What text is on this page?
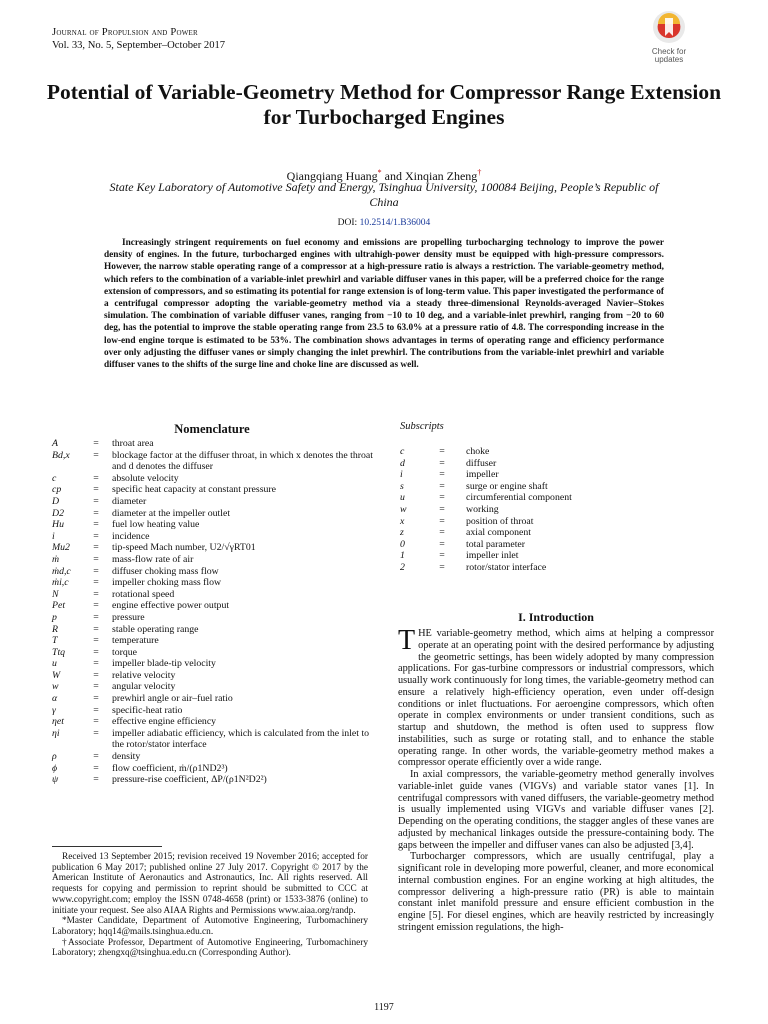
Journal of Propulsion and Power
Vol. 33, No. 5, September–October 2017
Check for
updates
Potential of Variable-Geometry Method for Compressor Range Extension for Turbocharged Engines
Qiangqiang Huang* and Xinqian Zheng†
State Key Laboratory of Automotive Safety and Energy, Tsinghua University, 100084 Beijing, People’s Republic of China
DOI: 10.2514/1.B36004
Increasingly stringent requirements on fuel economy and emissions are propelling turbocharging technology to improve the power density of engines. In the future, turbocharged engines with ultrahigh-power density must be equipped with high-pressure compressors. However, the narrow stable operating range of a compressor at a high-pressure ratio is always a restriction. The variable-geometry method, which refers to the combination of a variable-inlet prewhirl and variable diffuser vanes in this paper, will be a preferred choice for the range extension of compressors, and so estimating its potential for range extension is of long-term value. This paper investigated the performance of a centrifugal compressor adopting the variable-geometry method via a steady three-dimensional Reynolds-averaged Navier–Stokes simulation. The combination of variable diffuser vanes, ranging from −10 to 10 deg, and a variable-inlet prewhirl, ranging from −20 to 60 deg, has the potential to improve the stable operating range from 23.5 to 63.0% at a pressure ratio of 4.8. The corresponding increase in the low-end engine torque is estimated to be 53%. The combination shows advantages in terms of operating range and efficiency performance over only adjusting the diffuser vanes or simply changing the inlet prewhirl. The contributions from the variable-inlet prewhirl and variable diffuser vanes to the shifts of the surge line and choke line are discussed as well.
Nomenclature
A	=	throat area
Bd,x	=	blockage factor at the diffuser throat, in which x denotes the throat and d denotes the diffuser
c	=	absolute velocity
cp	=	specific heat capacity at constant pressure
D	=	diameter
D2	=	diameter at the impeller outlet
Hu	=	fuel low heating value
i	=	incidence
Mu2	=	tip-speed Mach number, U2/√γRT01
ṁ	=	mass-flow rate of air
ṁd,c	=	diffuser choking mass flow
ṁi,c	=	impeller choking mass flow
N	=	rotational speed
Pet	=	engine effective power output
p	=	pressure
R	=	stable operating range
T	=	temperature
Ttq	=	torque
u	=	impeller blade-tip velocity
W	=	relative velocity
w	=	angular velocity
α	=	prewhirl angle or air–fuel ratio
γ	=	specific-heat ratio
ηet	=	effective engine efficiency
ηi	=	impeller adiabatic efficiency, which is calculated from the inlet to the rotor/stator interface
ρ	=	density
ϕ	=	flow coefficient, ṁ/(ρ1ND2³)
ψ	=	pressure-rise coefficient, ΔP/(ρ1N²D2²)
Subscripts
c	=	choke
d	=	diffuser
i	=	impeller
s	=	surge or engine shaft
u	=	circumferential component
w	=	working
x	=	position of throat
z	=	axial component
0	=	total parameter
1	=	impeller inlet
2	=	rotor/stator interface
I. Introduction

THE variable-geometry method, which aims at helping a compressor operate at an operating point with the desired performance by adjusting the geometric settings, has been widely adopted by many compression applications. For gas-turbine compressors or industrial compressors, which usually work continuously for long times, the variable-geometry method can ensure a relatively high-efficiency operation, even under off-design conditions or inlet fluctuations. For aeroengine compressors, which often operate in complex environments or under transient conditions, such as startup and shutdown, the method is often used to suppress flow instabilities, such as surge or rotating stall, and to enhance the stable operating range. In other words, the variable-geometry method makes a compressor operate efficiently over a wide range.

In axial compressors, the variable-geometry method generally involves variable-inlet guide vanes (VIGVs) and variable stator vanes [1]. In centrifugal compressors with vaned diffusers, the variable-geometry method is usually implemented using VIGVs and variable diffuser vanes [2]. Depending on the operating conditions, the stagger angles of these vanes are adjusted by mechanical linkages outside the pressure-containing body. The gaps between the impeller and diffuser vanes can also be adjusted [3,4].

Turbocharger compressors, which are usually centrifugal, play a significant role in developing more powerful, cleaner, and more economical internal combustion engines. For an engine working at high altitudes, the compressor delivering a high-pressure ratio (PR) is able to maintain constant inlet manifold pressure and ensure efficient combustion in the engine [5]. For diesel engines, which are heavily restricted by increasingly stringent emission regulations, the high-

Received 13 September 2015; revision received 19 November 2016; accepted for publication 6 May 2017; published online 27 July 2017. Copyright © 2017 by the American Institute of Aeronautics and Astronautics, Inc. All rights reserved. All requests for copying and permission to reprint should be submitted to CCC at www.copyright.com; employ the ISSN 0748-4658 (print) or 1533-3876 (online) to initiate your request. See also AIAA Rights and Permissions www.aiaa.org/randp.

*Master Candidate, Department of Automotive Engineering, Turbomachinery Laboratory; hqq14@mails.tsinghua.edu.cn.

†Associate Professor, Department of Automotive Engineering, Turbomachinery Laboratory; zhengxq@tsinghua.edu.cn (Corresponding Author).

1197
